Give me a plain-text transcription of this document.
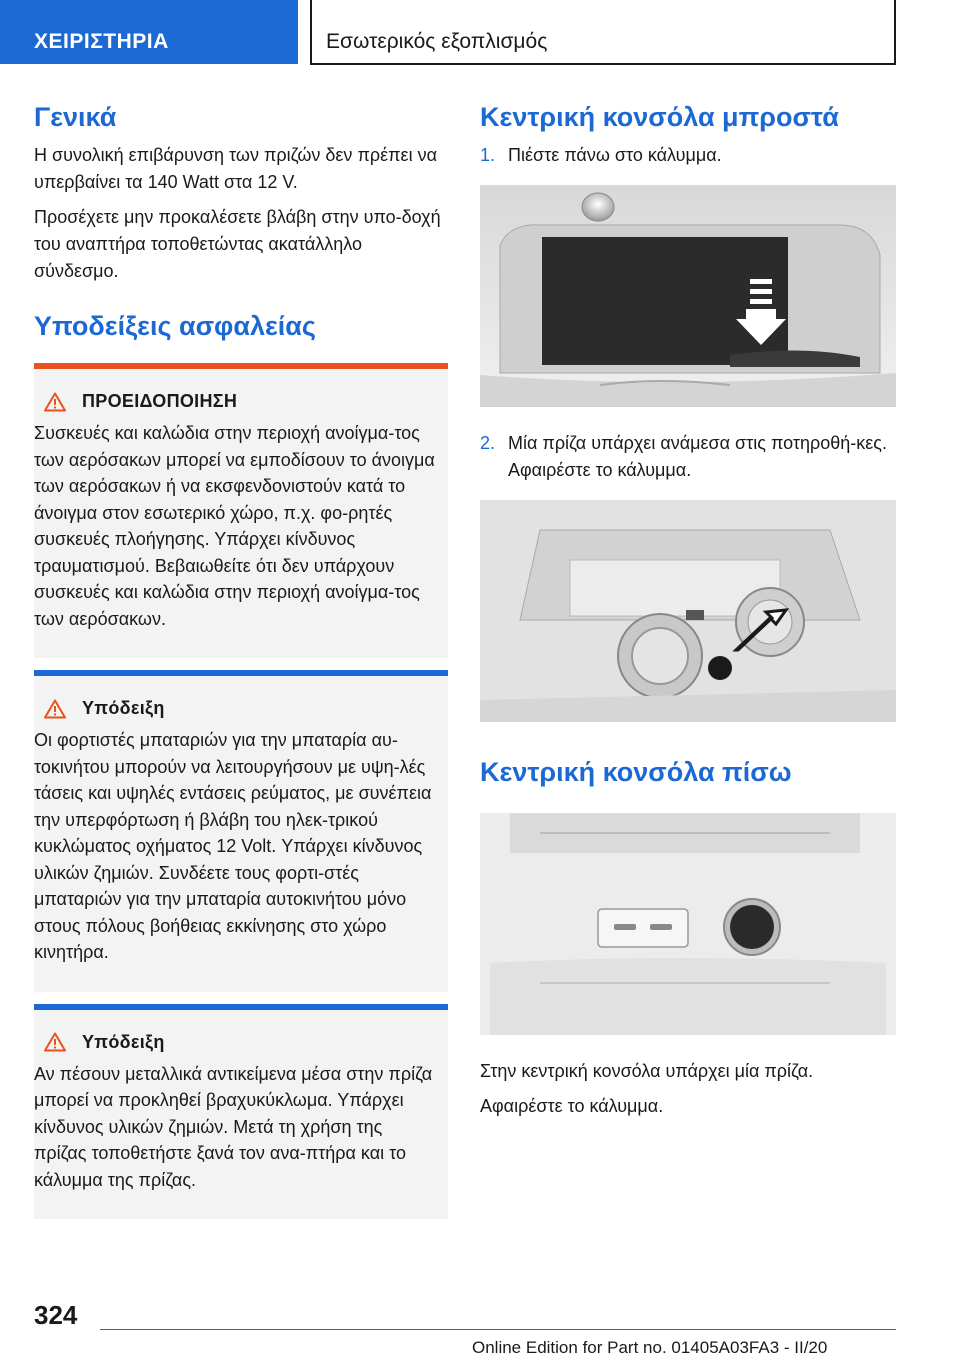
ΧΕΙΡΙΣΤΗΡΙΑ	Εσωτερικός εξοπλισμός
Γενικά

Η συνολική επιβάρυνση των πριζών δεν πρέπει να υπερβαίνει τα 140 Watt στα 12 V.

Προσέχετε μην προκαλέσετε βλάβη στην υπο-δοχή του αναπτήρα τοποθετώντας ακατάλληλο σύνδεσμο.

Υποδείξεις ασφαλείας
ΠΡΟΕΙΔΟΠΟΙΗΣΗ
Συσκευές και καλώδια στην περιοχή ανοίγμα-τος των αερόσακων μπορεί να εμποδίσουν το άνοιγμα των αερόσακων ή να εκσφενδονιστούν κατά το άνοιγμα στον εσωτερικό χώρο, π.χ. φο-ρητές συσκευές πλοήγησης. Υπάρχει κίνδυνος τραυματισμού. Βεβαιωθείτε ότι δεν υπάρχουν συσκευές και καλώδια στην περιοχή ανοίγμα-τος των αερόσακων.
Υπόδειξη
Οι φορτιστές μπαταριών για την μπαταρία αυ-τοκινήτου μπορούν να λειτουργήσουν με υψη-λές τάσεις και υψηλές εντάσεις ρεύματος, με συνέπεια την υπερφόρτωση ή βλάβη του ηλεκ-τρικού κυκλώματος οχήματος 12 Volt. Υπάρχει κίνδυνος υλικών ζημιών. Συνδέετε τους φορτι-στές μπαταριών για την μπαταρία αυτοκινήτου μόνο στους πόλους βοήθειας εκκίνησης στο χώρο κινητήρα.
Υπόδειξη
Αν πέσουν μεταλλικά αντικείμενα μέσα στην πρίζα μπορεί να προκληθεί βραχυκύκλωμα. Υπάρχει κίνδυνος υλικών ζημιών. Μετά τη χρήση της πρίζας τοποθετήστε ξανά τον ανα-πτήρα και το κάλυμμα της πρίζας.
Κεντρική κονσόλα μπροστά
1. Πιέστε πάνω στο κάλυμμα.
2. Μία πρίζα υπάρχει ανάμεσα στις ποτηροθή-κες. Αφαιρέστε το κάλυμμα.
Κεντρική κονσόλα πίσω

Στην κεντρική κονσόλα υπάρχει μία πρίζα.

Αφαιρέστε το κάλυμμα.

324
Online Edition for Part no. 01405A03FA3 - II/20
